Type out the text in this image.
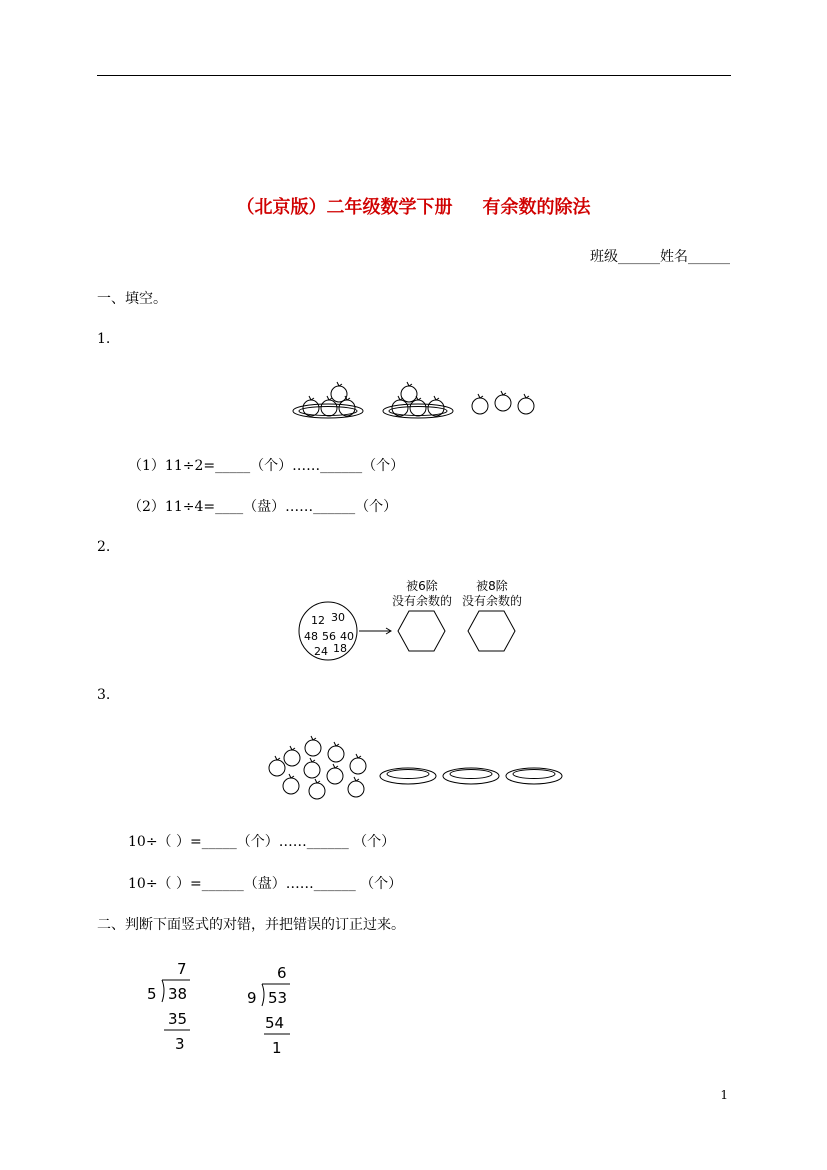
（北京版）二年级数学下册 有余数的除法
班级______姓名______
一、填空。
1.
（1）11÷2=_____（个）……______（个）
（2）11÷4=____（盘）……______（个）
2.
12 30
48 56 40
24 18
被6除
没有余数的
被8除
没有余数的
3.
10÷（ ）=_____（个）……______ （个）
10÷（ ）=______（盘）……______ （个）
二、判断下面竖式的对错，并把错误的订正过来。
7
5 38
35
3
6
9 53
54
1
1
